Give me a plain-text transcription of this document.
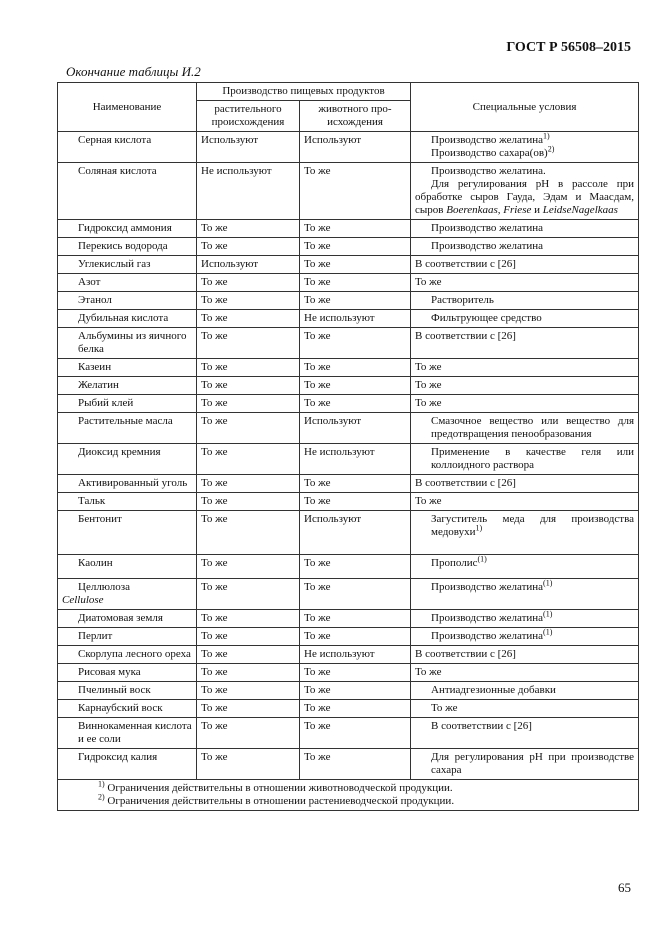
ГОСТ Р 56508–2015
Окончание таблицы И.2
Наименование	Производство пищевых продуктов		Специальные условия
	растительного происхождения	животного про-исхождения	
Серная кислота	Используют	Используют	Производство желатина$^{1)}$
Производство сахара(ов)$^{2)}$

Соляная кислота	Не используют	То же	Производство желатина.
Для регулирования pH в рассоле при обработке сыров Гауда, Эдам и Маасдам, сыров Boerenkaas, Friese и LeidseNagelkaas

Гидроксид аммония	То же	То же	Производство желатина
Перекись водорода	То же	То же	Производство желатина
Углекислый газ	Используют	То же	В соответствии с [26]
Азот	То же	То же	То же
Этанол	То же	То же	Растворитель
Дубильная кислота	То же	Не используют	Фильтрующее средство
Альбумины из яичного белка	То же	То же	В соответствии с [26]
Казеин	То же	То же	То же
Желатин	То же	То же	То же
Рыбий клей	То же	То же	То же
Растительные масла	То же	Используют	Смазочное вещество или вещество для предотвращения пенообразования
Диоксид кремния	То же	Не используют	Применение в качестве геля или коллоидного раствора
Активированный уголь	То же	То же	В соответствии с [26]
Тальк	То же	То же	То же
Бентонит	То же	Используют	Загуститель меда для производства медовухи$^{1)}$
Каолин	То же	То же	Прополис$^{(1)}$

Целлюлоза
Cellulose	То же	То же	Производство желатина$^{(1)}$
Диатомовая земля	То же	То же	Производство желатина$^{(1)}$
Перлит	То же	То же	Производство желатина$^{(1)}$
Скорлупа лесного ореха	То же	Не используют	В соответствии с [26]
Рисовая мука	То же	То же	То же
Пчелиный воск	То же	То же	Антиадгезионные добавки
Карнаубский воск	То же	То же	То же
Виннокаменная кислота и ее соли	То же	То же	В соответствии с [26]
Гидроксид калия	То же	То же	Для регулирования pH при производстве сахара

$^{1)}$ Ограничения действительны в отношении животноводческой продукции.
$^{2)}$ Ограничения действительны в отношении растениеводческой продукции.			
65
